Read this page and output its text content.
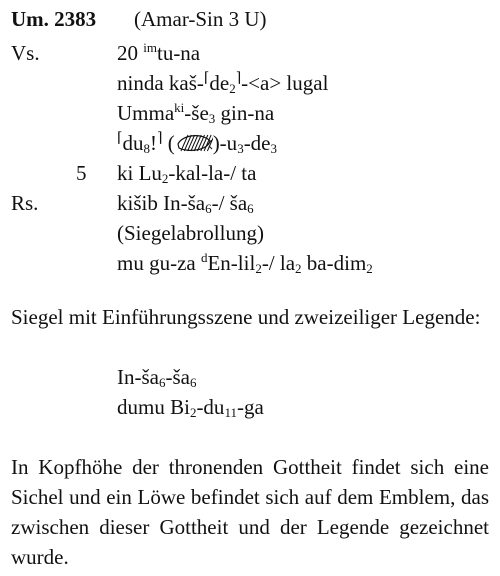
Um. 2383 (Amar-Sin 3 U)
Vs.	20 $^{im}$tu-na
ninda kaš-$^⌈de_2^⌉-<a>$ lugal
$Umma^{ki}-še_3$ gin-na
$^⌈du_8!^⌉$ ( )$-u_3-de_3$
5 ki $Lu_2-kal-la-/$ ta
Rs.	kišib $In-ša_6-/$ $ša_6$
(Siegelabrollung)
mu gu-za $^d$En-lil$_2$-/ $la_2$ ba-dim$_2$
Siegel mit Einführungsszene und zweizeiliger Legende:
$In-ša_6-ša_6$
dumu $Bi_2-du_{11}-ga$
In Kopfhöhe der thronenden Gottheit findet sich eine Sichel und ein Löwe befindet sich auf dem Emblem, das zwischen dieser Gottheit und der Legende gezeichnet wurde.
